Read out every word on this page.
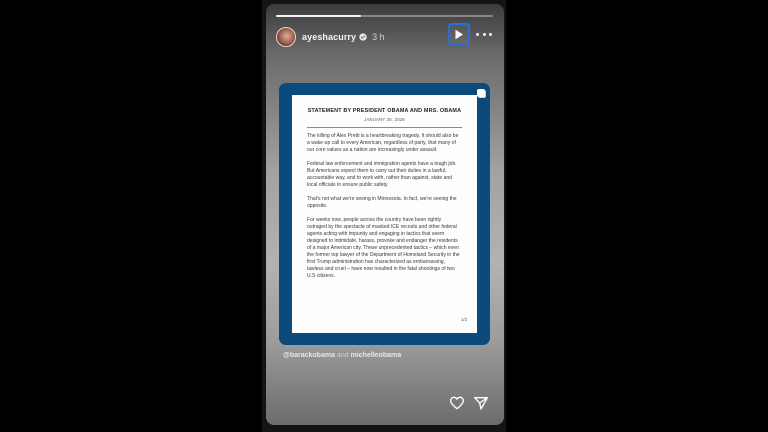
ayeshacurry 3 h
STATEMENT BY PRESIDENT OBAMA AND MRS. OBAMA
JANUARY 25, 2026

The killing of Alex Pretti is a heartbreaking tragedy. It should also be a wake-up call to every American, regardless of party, that many of our core values as a nation are increasingly under assault.

Federal law enforcement and immigration agents have a tough job. But Americans expect them to carry out their duties in a lawful, accountable way, and to work with, rather than against, state and local officials to ensure public safety.

That's not what we're seeing in Minnesota. In fact, we're seeing the opposite.

For weeks now, people across the country have been rightly outraged by the spectacle of masked ICE recruits and other federal agents acting with impunity and engaging in tactics that seem designed to intimidate, harass, provoke and endanger the residents of a major American city. These unprecedented tactics – which even the former top lawyer of the Department of Homeland Security in the first Trump administration has characterized as embarrassing, lawless and cruel – have now resulted in the fatal shootings of two U.S citizens.

1/2
@barackobama and michelleobama
